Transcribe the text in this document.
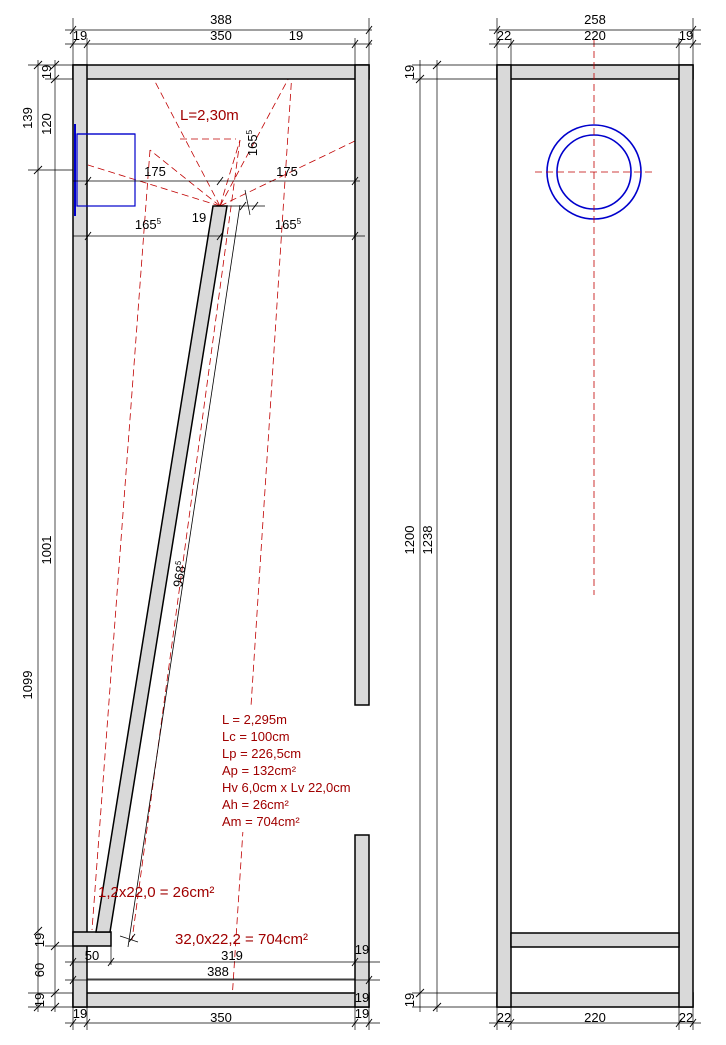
388
19	350	19
50	319	19
388
19
19	350	19
19
139 120
1001
1099
19
60
19
175	175
$165^5$	$165^5$
$165^5$
19
$968^5$
L=2,30m
L = 2,295m
Lc = 100cm
Lp = 226,5cm
Ap = 132cm²
Hv 6,0cm x Lv 22,0cm
Ah = 26cm²
Am = 704cm²
1,2x22,0 = 26cm²
32,0x22,2 = 704cm²
258
22	220	19
22	220	22
19
1200 1238
19
